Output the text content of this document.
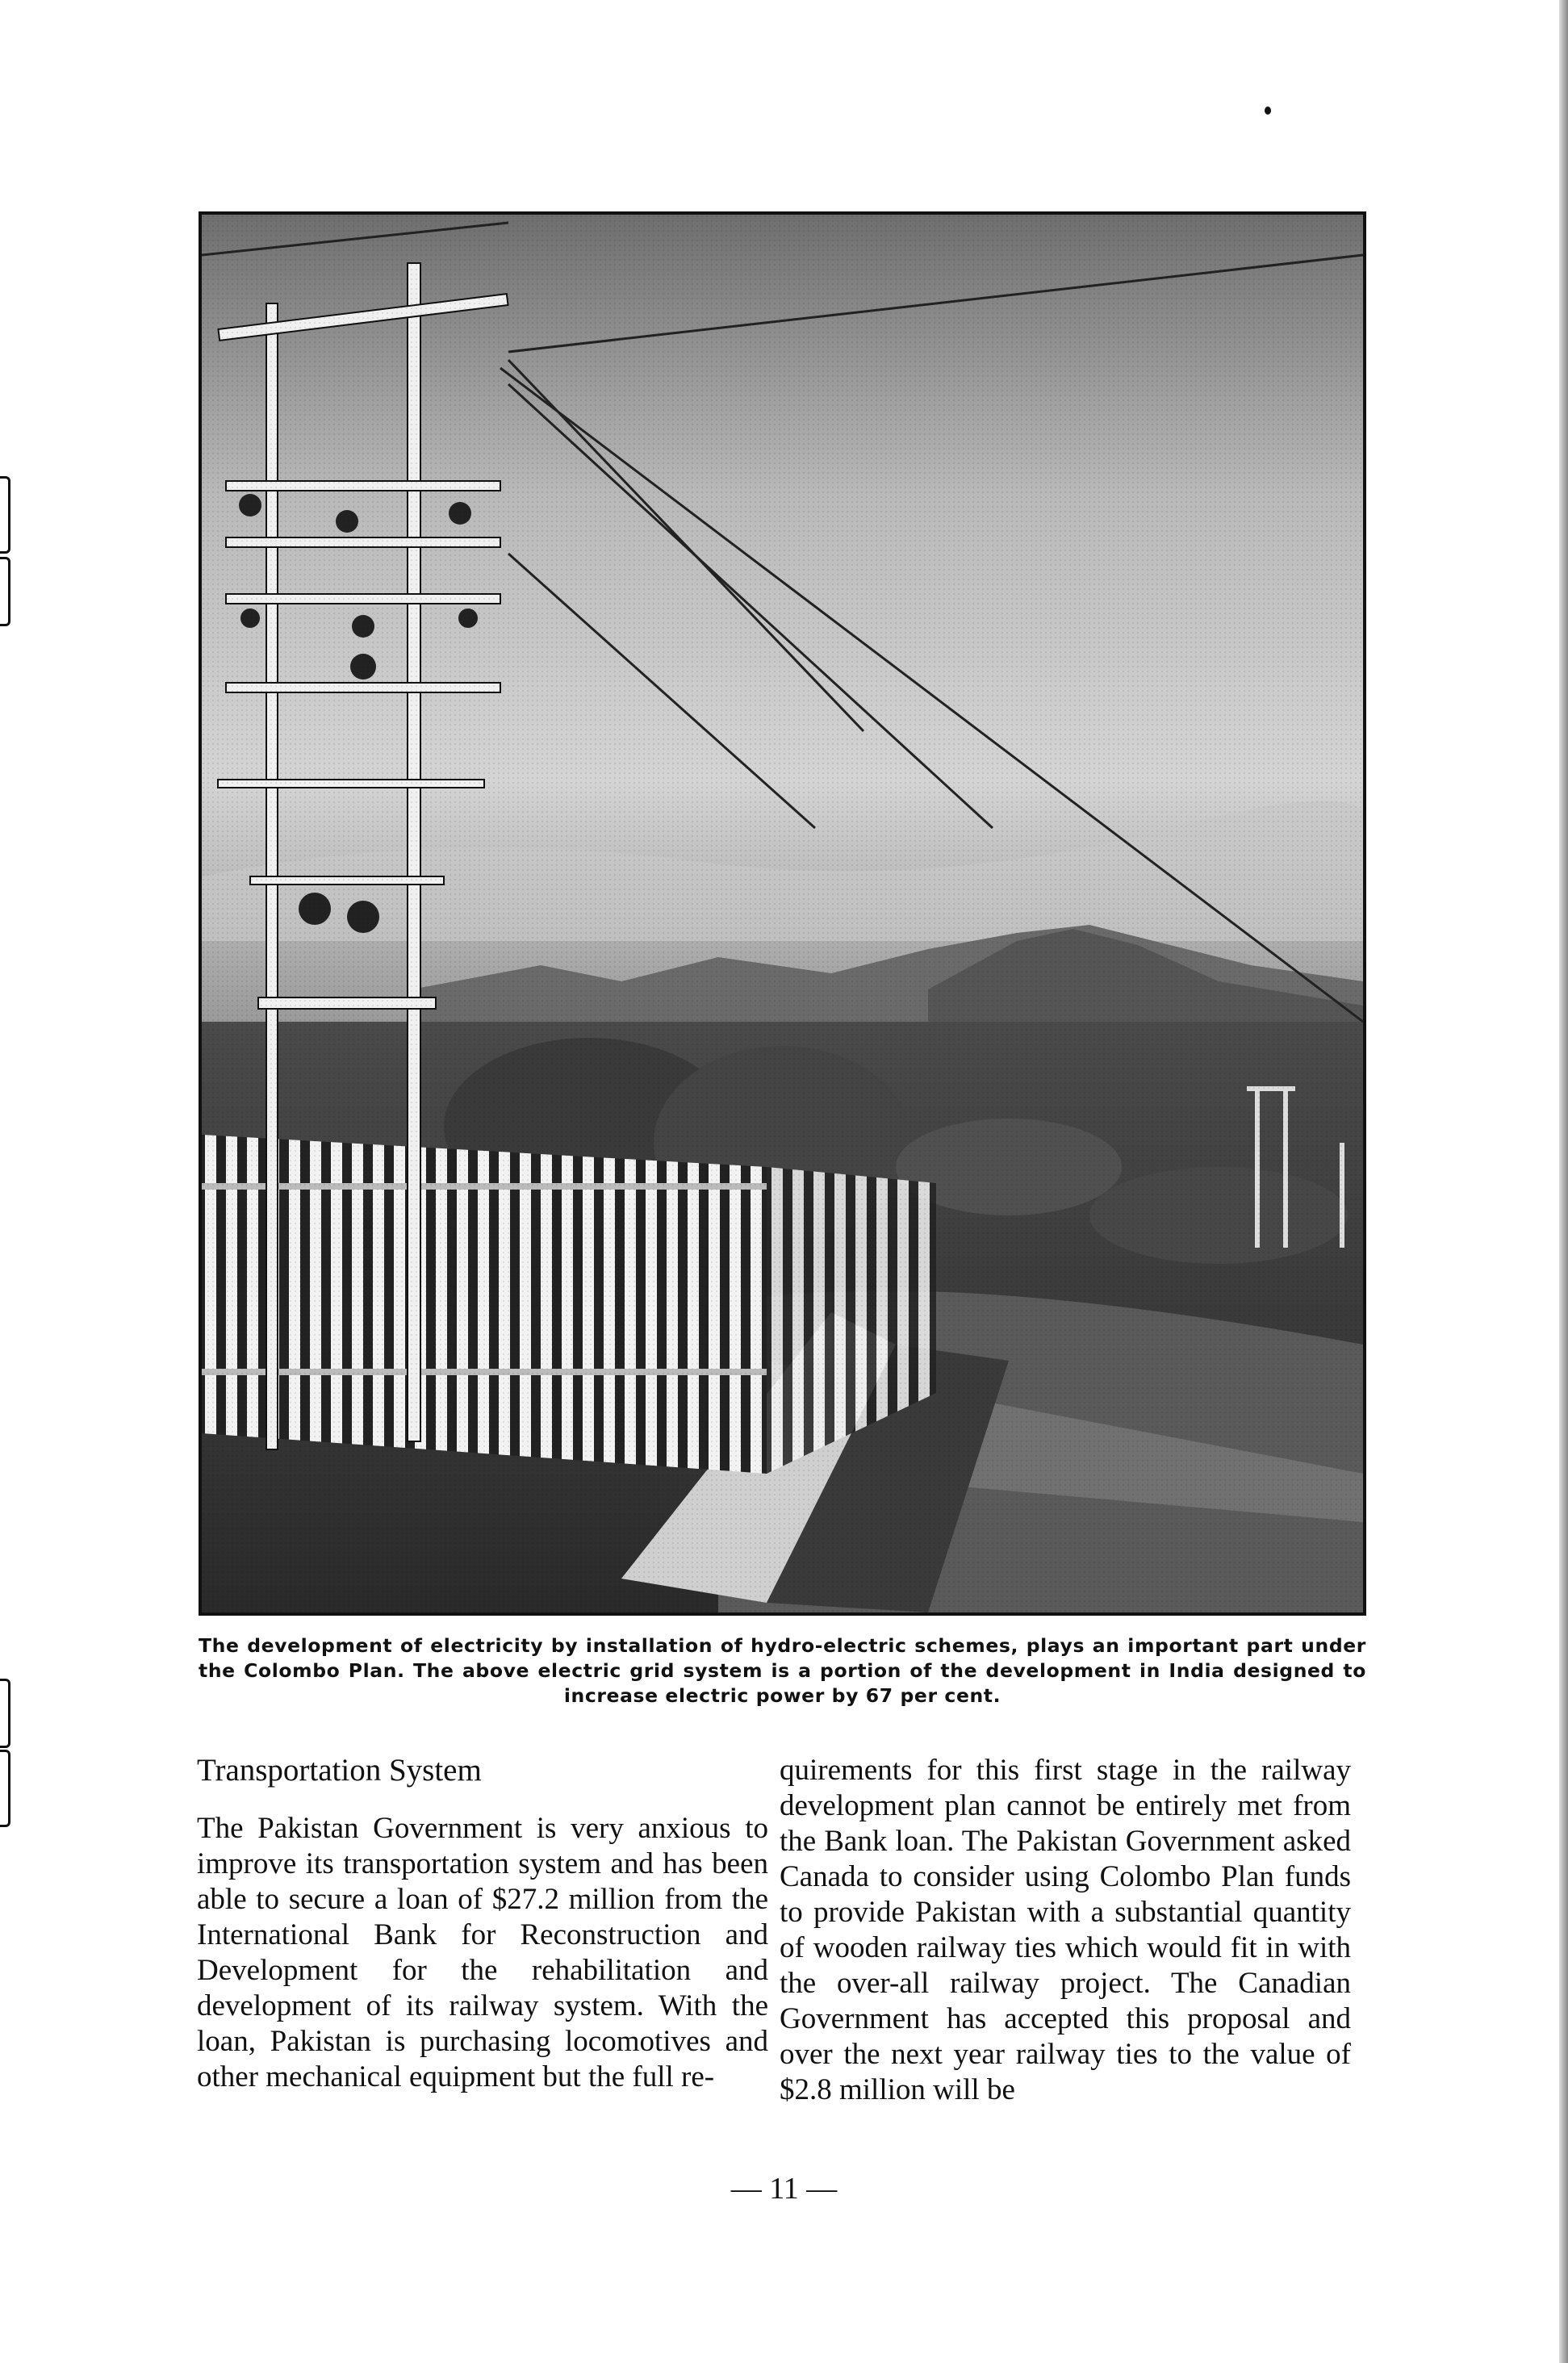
The development of electricity by installation of hydro-electric schemes, plays an important part under the Colombo Plan. The above electric grid system is a portion of the development in India designed to increase electric power by 67 per cent.

Transportation System

The Pakistan Government is very anxious to improve its transportation system and has been able to secure a loan of $27.2 million from the International Bank for Reconstruction and Development for the rehabilitation and development of its railway system. With the loan, Pakistan is purchasing locomotives and other mechanical equipment but the full re-

quirements for this first stage in the railway development plan cannot be entirely met from the Bank loan. The Pakistan Government asked Canada to consider using Colombo Plan funds to provide Pakistan with a substantial quantity of wooden railway ties which would fit in with the over-all railway project. The Canadian Government has accepted this proposal and over the next year railway ties to the value of $2.8 million will be

— 11 —
